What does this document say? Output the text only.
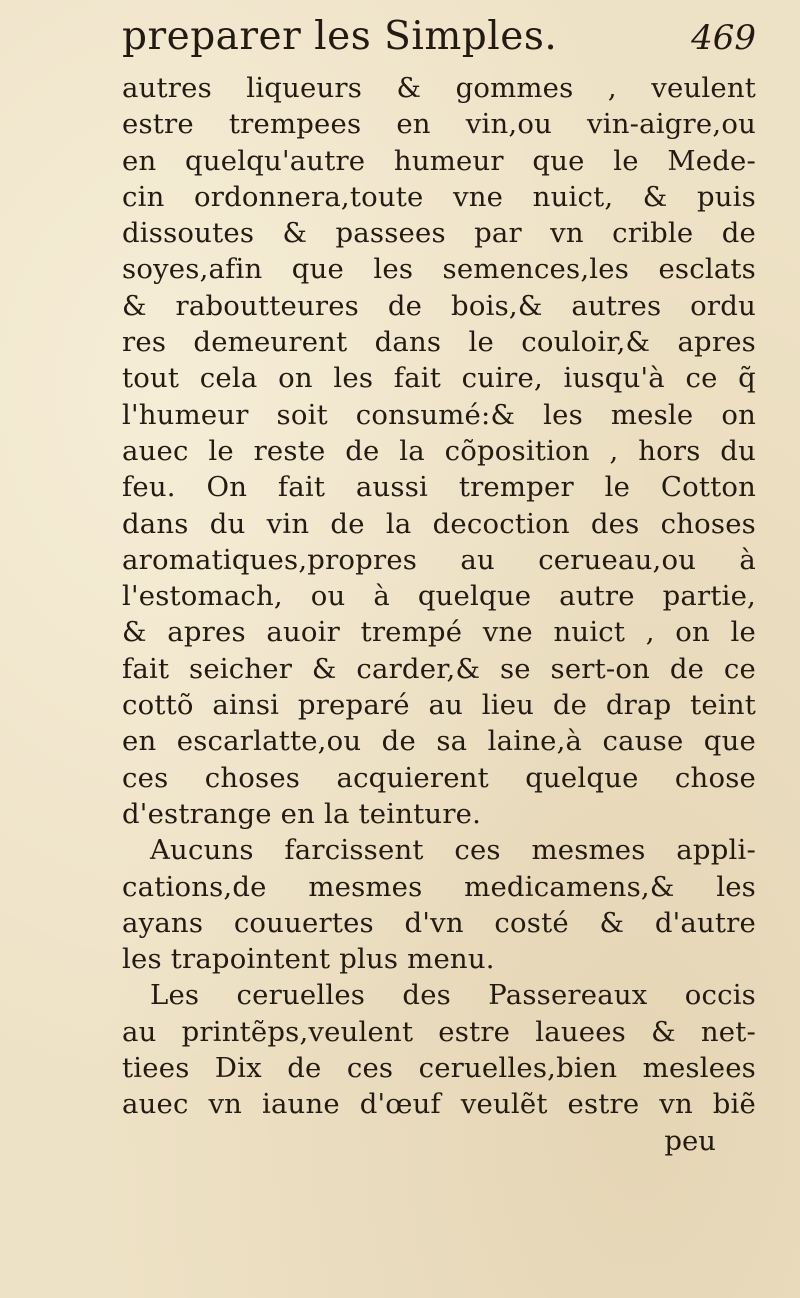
preparer les Simples.	469
autres liqueurs & gommes , veulent
estre trempees en vin,ou vin-aigre,ou
en quelqu'autre humeur que le Mede-
cin ordonnera,toute vne nuict, & puis
dissoutes & passees par vn crible de
soyes,afin que les semences,les esclats
& rabouttеurеs de bois,& autres ordu
res demeurent dans le couloir,& apres
tout cela on les fait cuire, iusqu'à ce q̃
l'humeur soit consumé:& les mesle on
auec le reste de la cõposition , hors du
feu. On fait aussi tremper le Cotton
dans du vin de la decoction des choses
aromatiques,propres au cerueau,ou à
l'estomach, ou à quelque autre partie,
& apres auoir trempé vne nuict , on le
fait seicher & carder,& se sert-on de ce
cottõ ainsi preparé au lieu de drap teint
en escarlatte,ou de sa laine,à cause que
ces choses acquierent quelque chose
d'estrange en la teinture.
Aucuns farcissent ces mesmes appli-
cations,de mesmes medicamens,& les
ayans couuertes d'vn costé & d'autre
les trapointent plus menu.
Les ceruelles des Passereaux occis
au printẽps,veulent estre lauees & net-
tiees Dix de ces ceruelles,bien meslees
auec vn iaune d'œuf veulẽt estre vn biẽ
peu
